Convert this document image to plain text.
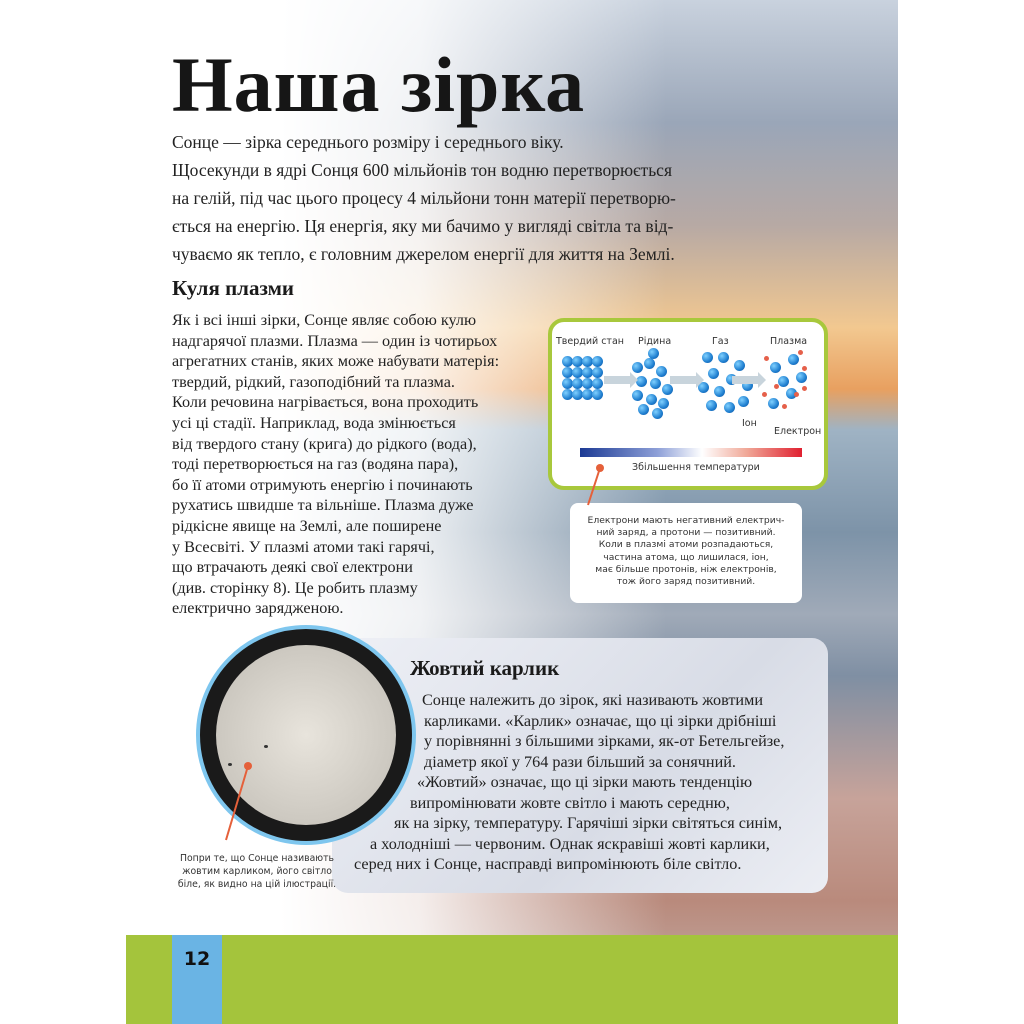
Наша зірка
Сонце — зірка середнього розміру і середнього віку.
Щосекунди в ядрі Сонця 600 мільйонів тон водню перетворюється
на гелій, під час цього процесу 4 мільйони тонн матерії перетворю-
ється на енергію. Ця енергія, яку ми бачимо у вигляді світла та від-
чуваємо як тепло, є головним джерелом енергії для життя на Землі.
Куля плазми
Як і всі інші зірки, Сонце являє собою кулю
надгарячої плазми. Плазма — один із чотирьох
агрегатних станів, яких може набувати матерія:
твердий, рідкий, газоподібний та плазма.
Коли речовина нагрівається, вона проходить
усі ці стадії. Наприклад, вода змінюється
від твердого стану (крига) до рідкого (вода),
тоді перетворюється на газ (водяна пара),
бо її атоми отримують енергію і починають
рухатись швидше та вільніше. Плазма дуже
рідкісне явище на Землі, але поширене
у Всесвіті. У плазмі атоми такі гарячі,
що втрачають деякі свої електрони
(див. сторінку 8). Це робить плазму
електрично зарядженою.
Твердий стан Рідина	Газ	Плазма
Іон
Електрон
Збільшення температури
Електрони мають негативний електрич-
ний заряд, а протони — позитивний.
Коли в плазмі атоми розпадаються,
частина атома, що лишилася, іон,
має більше протонів, ніж електронів,
тож його заряд позитивний.
Жовтий карлик
Сонце належить до зірок, які називають жовтими
карликами. «Карлик» означає, що ці зірки дрібніші
у порівнянні з більшими зірками, як-от Бетельгейзе,
діаметр якої у 764 рази більший за сонячний.
«Жовтий» означає, що ці зірки мають тенденцію
випромінювати жовте світло і мають середню,
як на зірку, температуру. Гарячіші зірки світяться синім,
а холодніші — червоним. Однак яскравіші жовті карлики,
серед них і Сонце, насправді випромінюють біле світло.
Попри те, що Сонце називають
жовтим карликом, його світло
біле, як видно на цій ілюстрації.
12
